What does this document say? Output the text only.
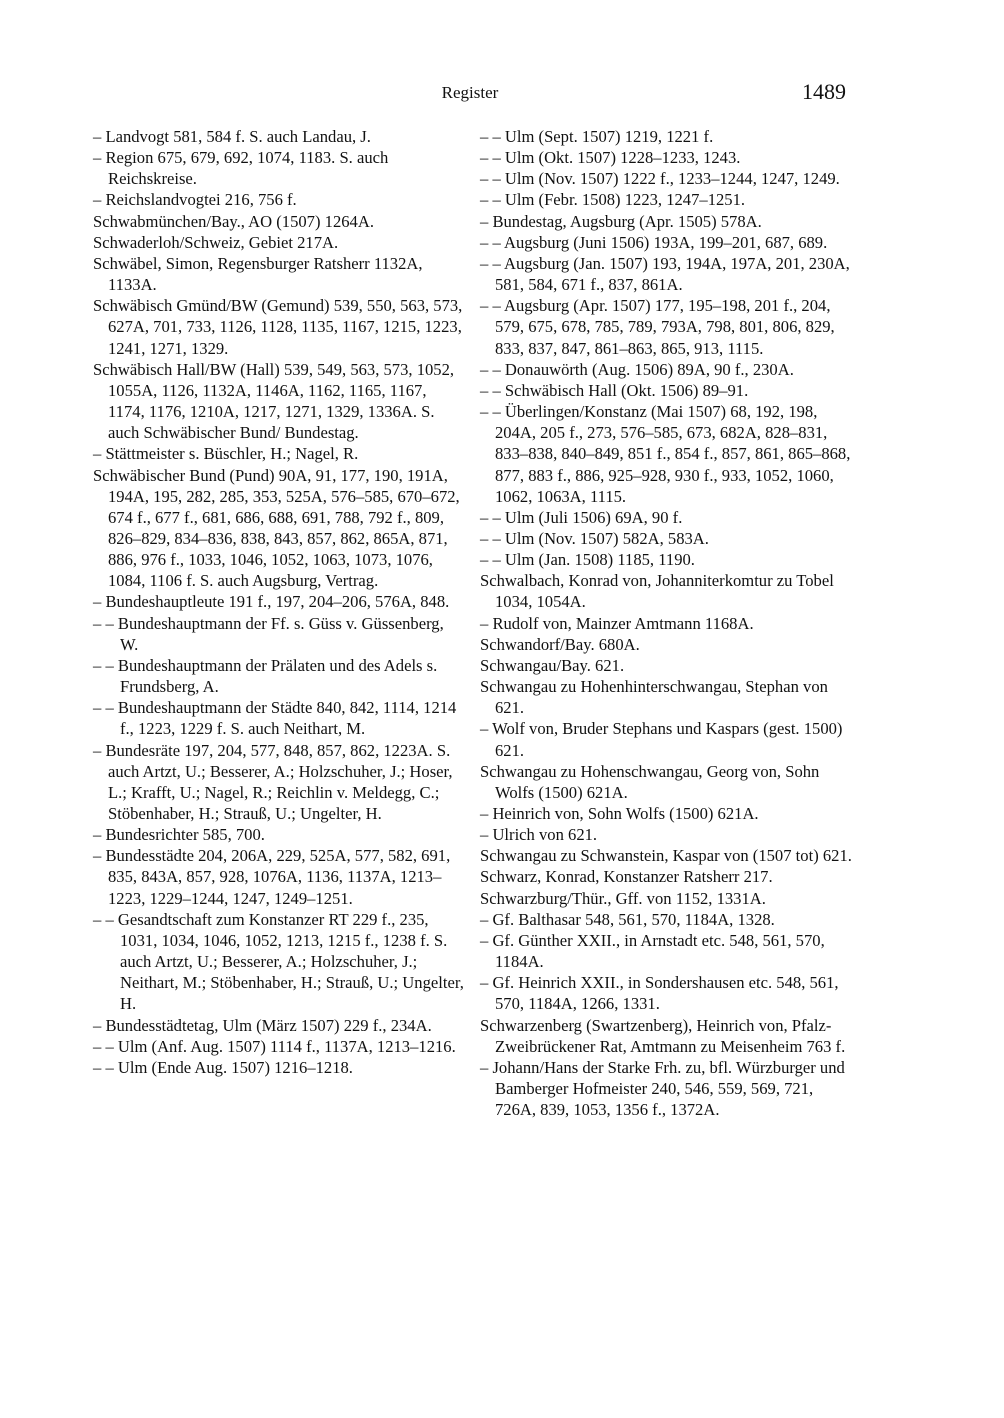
Register	1489
– Landvogt 581, 584 f. S. auch Landau, J.
– Region 675, 679, 692, 1074, 1183. S. auch Reichskreise.
– Reichslandvogtei 216, 756 f.
Schwabmünchen/Bay., AO (1507) 1264A.
Schwaderloh/Schweiz, Gebiet 217A.
Schwäbel, Simon, Regensburger Ratsherr 1132A, 1133A.
Schwäbisch Gmünd/BW (Gemund) 539, 550, 563, 573, 627A, 701, 733, 1126, 1128, 1135, 1167, 1215, 1223, 1241, 1271, 1329.
Schwäbisch Hall/BW (Hall) 539, 549, 563, 573, 1052, 1055A, 1126, 1132A, 1146A, 1162, 1165, 1167, 1174, 1176, 1210A, 1217, 1271, 1329, 1336A. S. auch Schwäbischer Bund/ Bundestag.
– Stättmeister s. Büschler, H.; Nagel, R.
Schwäbischer Bund (Pund) 90A, 91, 177, 190, 191A, 194A, 195, 282, 285, 353, 525A, 576–585, 670–672, 674 f., 677 f., 681, 686, 688, 691, 788, 792 f., 809, 826–829, 834–836, 838, 843, 857, 862, 865A, 871, 886, 976 f., 1033, 1046, 1052, 1063, 1073, 1076, 1084, 1106 f. S. auch Augsburg, Vertrag.
– Bundeshauptleute 191 f., 197, 204–206, 576A, 848.
– – Bundeshauptmann der Ff. s. Güss v. Güssenberg, W.
– – Bundeshauptmann der Prälaten und des Adels s. Frundsberg, A.
– – Bundeshauptmann der Städte 840, 842, 1114, 1214 f., 1223, 1229 f. S. auch Neithart, M.
– Bundesräte 197, 204, 577, 848, 857, 862, 1223A. S. auch Artzt, U.; Besserer, A.; Holzschuher, J.; Hoser, L.; Krafft, U.; Nagel, R.; Reichlin v. Meldegg, C.; Stöbenhaber, H.; Strauß, U.; Ungelter, H.
– Bundesrichter 585, 700.
– Bundesstädte 204, 206A, 229, 525A, 577, 582, 691, 835, 843A, 857, 928, 1076A, 1136, 1137A, 1213–1223, 1229–1244, 1247, 1249–1251.
– – Gesandtschaft zum Konstanzer RT 229 f., 235, 1031, 1034, 1046, 1052, 1213, 1215 f., 1238 f. S. auch Artzt, U.; Besserer, A.; Holzschuher, J.; Neithart, M.; Stöbenhaber, H.; Strauß, U.; Ungelter, H.
– Bundesstädtetag, Ulm (März 1507) 229 f., 234A.
– – Ulm (Anf. Aug. 1507) 1114 f., 1137A, 1213–1216.
– – Ulm (Ende Aug. 1507) 1216–1218.
– – Ulm (Sept. 1507) 1219, 1221 f.
– – Ulm (Okt. 1507) 1228–1233, 1243.
– – Ulm (Nov. 1507) 1222 f., 1233–1244, 1247, 1249.
– – Ulm (Febr. 1508) 1223, 1247–1251.
– Bundestag, Augsburg (Apr. 1505) 578A.
– – Augsburg (Juni 1506) 193A, 199–201, 687, 689.
– – Augsburg (Jan. 1507) 193, 194A, 197A, 201, 230A, 581, 584, 671 f., 837, 861A.
– – Augsburg (Apr. 1507) 177, 195–198, 201 f., 204, 579, 675, 678, 785, 789, 793A, 798, 801, 806, 829, 833, 837, 847, 861–863, 865, 913, 1115.
– – Donauwörth (Aug. 1506) 89A, 90 f., 230A.
– – Schwäbisch Hall (Okt. 1506) 89–91.
– – Überlingen/Konstanz (Mai 1507) 68, 192, 198, 204A, 205 f., 273, 576–585, 673, 682A, 828–831, 833–838, 840–849, 851 f., 854 f., 857, 861, 865–868, 877, 883 f., 886, 925–928, 930 f., 933, 1052, 1060, 1062, 1063A, 1115.
– – Ulm (Juli 1506) 69A, 90 f.
– – Ulm (Nov. 1507) 582A, 583A.
– – Ulm (Jan. 1508) 1185, 1190.
Schwalbach, Konrad von, Johanniterkomtur zu Tobel 1034, 1054A.
– Rudolf von, Mainzer Amtmann 1168A.
Schwandorf/Bay. 680A.
Schwangau/Bay. 621.
Schwangau zu Hohenhinterschwangau, Stephan von 621.
– Wolf von, Bruder Stephans und Kaspars (gest. 1500) 621.
Schwangau zu Hohenschwangau, Georg von, Sohn Wolfs (1500) 621A.
– Heinrich von, Sohn Wolfs (1500) 621A.
– Ulrich von 621.
Schwangau zu Schwanstein, Kaspar von (1507 tot) 621.
Schwarz, Konrad, Konstanzer Ratsherr 217.
Schwarzburg/Thür., Gff. von 1152, 1331A.
– Gf. Balthasar 548, 561, 570, 1184A, 1328.
– Gf. Günther XXII., in Arnstadt etc. 548, 561, 570, 1184A.
– Gf. Heinrich XXII., in Sondershausen etc. 548, 561, 570, 1184A, 1266, 1331.
Schwarzenberg (Swartzenberg), Heinrich von, Pfalz-Zweibrückener Rat, Amtmann zu Meisenheim 763 f.
– Johann/Hans der Starke Frh. zu, bfl. Würzburger und Bamberger Hofmeister 240, 546, 559, 569, 721, 726A, 839, 1053, 1356 f., 1372A.
